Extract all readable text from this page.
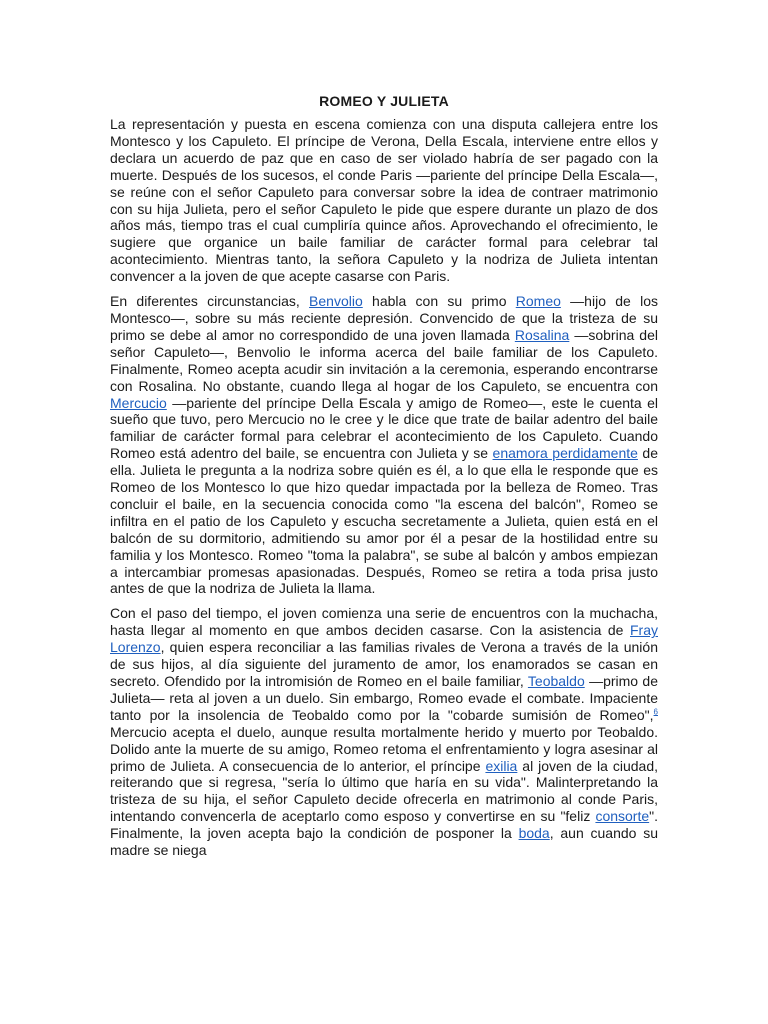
ROMEO Y JULIETA

La representación y puesta en escena comienza con una disputa callejera entre los Montesco y los Capuleto. El príncipe de Verona, Della Escala, interviene entre ellos y declara un acuerdo de paz que en caso de ser violado habría de ser pagado con la muerte. Después de los sucesos, el conde Paris —pariente del príncipe Della Escala—, se reúne con el señor Capuleto para conversar sobre la idea de contraer matrimonio con su hija Julieta, pero el señor Capuleto le pide que espere durante un plazo de dos años más, tiempo tras el cual cumpliría quince años. Aprovechando el ofrecimiento, le sugiere que organice un baile familiar de carácter formal para celebrar tal acontecimiento. Mientras tanto, la señora Capuleto y la nodriza de Julieta intentan convencer a la joven de que acepte casarse con Paris.

En diferentes circunstancias, Benvolio habla con su primo Romeo —hijo de los Montesco—, sobre su más reciente depresión. Convencido de que la tristeza de su primo se debe al amor no correspondido de una joven llamada Rosalina —sobrina del señor Capuleto—, Benvolio le informa acerca del baile familiar de los Capuleto. Finalmente, Romeo acepta acudir sin invitación a la ceremonia, esperando encontrarse con Rosalina. No obstante, cuando llega al hogar de los Capuleto, se encuentra con Mercucio —pariente del príncipe Della Escala y amigo de Romeo—, este le cuenta el sueño que tuvo, pero Mercucio no le cree y le dice que trate de bailar adentro del baile familiar de carácter formal para celebrar el acontecimiento de los Capuleto. Cuando Romeo está adentro del baile, se encuentra con Julieta y se enamora perdidamente de ella. Julieta le pregunta a la nodriza sobre quién es él, a lo que ella le responde que es Romeo de los Montesco lo que hizo quedar impactada por la belleza de Romeo. Tras concluir el baile, en la secuencia conocida como "la escena del balcón", Romeo se infiltra en el patio de los Capuleto y escucha secretamente a Julieta, quien está en el balcón de su dormitorio, admitiendo su amor por él a pesar de la hostilidad entre su familia y los Montesco. Romeo "toma la palabra", se sube al balcón y ambos empiezan a intercambiar promesas apasionadas. Después, Romeo se retira a toda prisa justo antes de que la nodriza de Julieta la llama.

Con el paso del tiempo, el joven comienza una serie de encuentros con la muchacha, hasta llegar al momento en que ambos deciden casarse. Con la asistencia de Fray Lorenzo, quien espera reconciliar a las familias rivales de Verona a través de la unión de sus hijos, al día siguiente del juramento de amor, los enamorados se casan en secreto. Ofendido por la intromisión de Romeo en el baile familiar, Teobaldo —primo de Julieta— reta al joven a un duelo. Sin embargo, Romeo evade el combate. Impaciente tanto por la insolencia de Teobaldo como por la "cobarde sumisión de Romeo",$^6$ Mercucio acepta el duelo, aunque resulta mortalmente herido y muerto por Teobaldo. Dolido ante la muerte de su amigo, Romeo retoma el enfrentamiento y logra asesinar al primo de Julieta. A consecuencia de lo anterior, el príncipe exilia al joven de la ciudad, reiterando que si regresa, "sería lo último que haría en su vida". Malinterpretando la tristeza de su hija, el señor Capuleto decide ofrecerla en matrimonio al conde Paris, intentando convencerla de aceptarlo como esposo y convertirse en su "feliz consorte". Finalmente, la joven acepta bajo la condición de posponer la boda, aun cuando su madre se niega
